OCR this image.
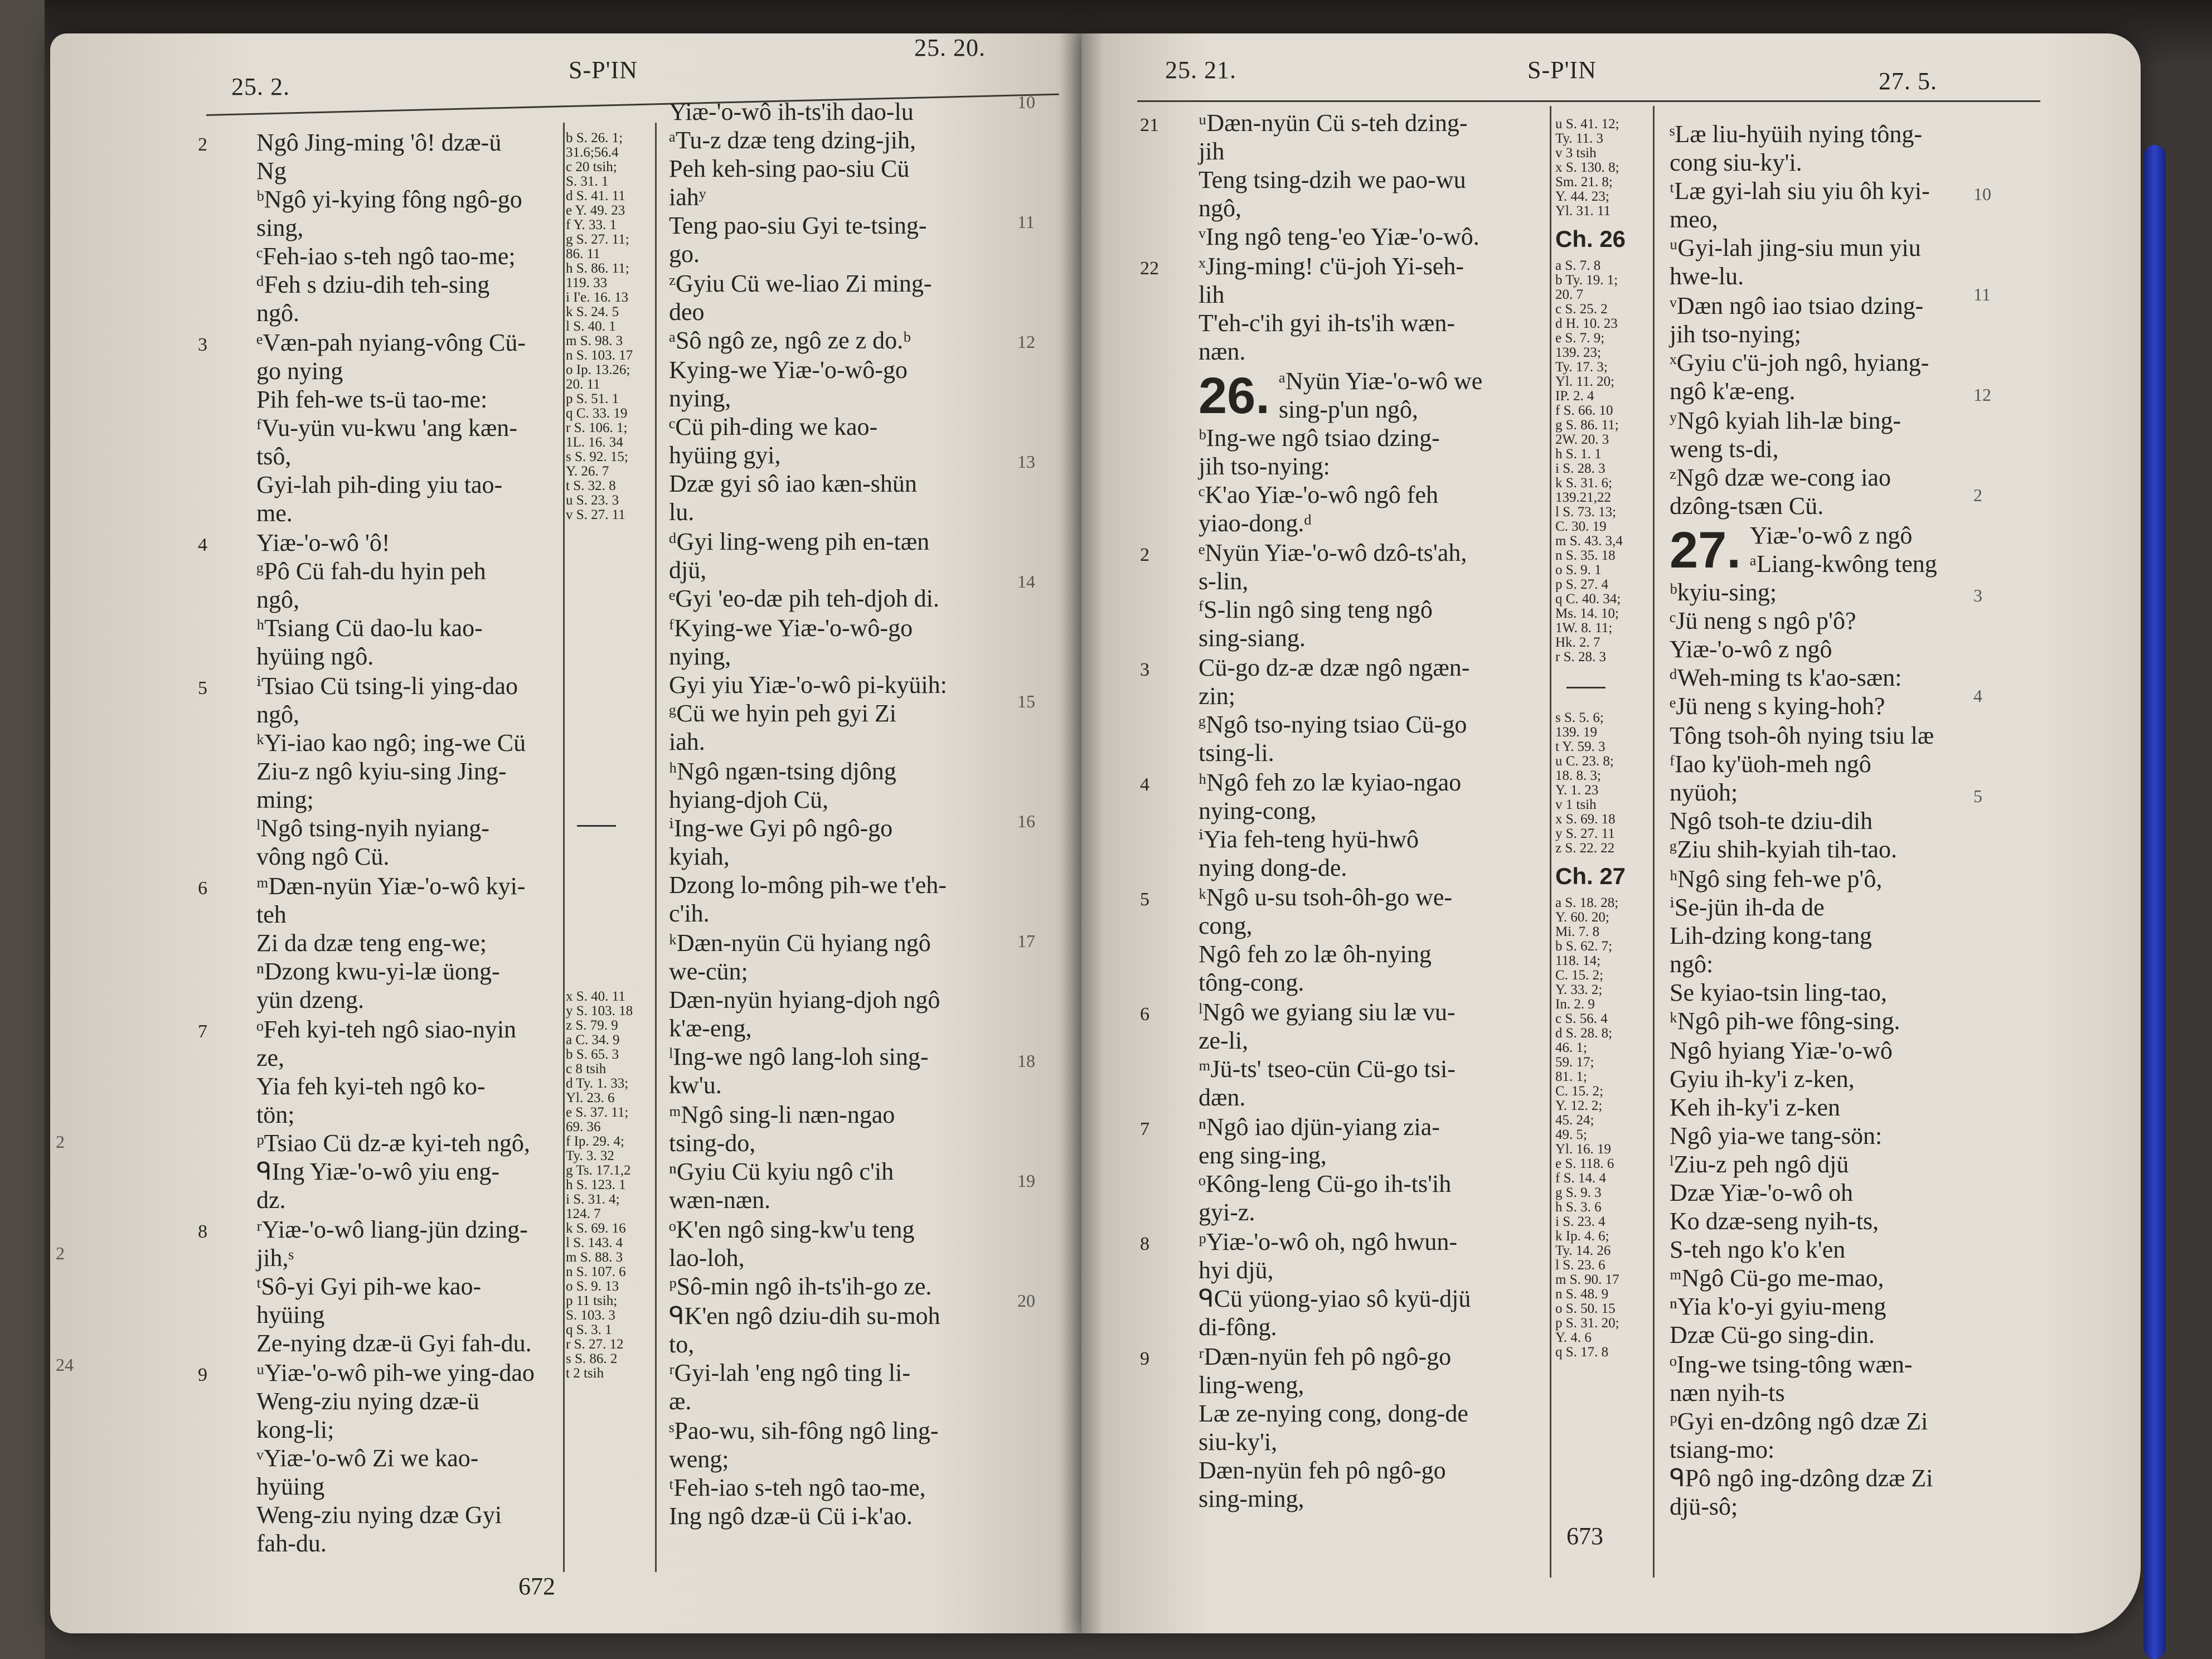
25. 2.
S-P'IN
25. 20.
2 Ngô Jing-ming 'ô! dzæ-ü
Ng
ᵇNgô yi-kying fông ngô-go
sing,
ᶜFeh-iao s-teh ngô tao-me;
ᵈFeh s dziu-dih teh-sing
ngô.
3 ᵉVæn-pah nyiang-vông Cü-
go nying
Pih feh-we ts-ü tao-me:
ᶠVu-yün vu-kwu 'ang kæn-
tsô,
Gyi-lah pih-ding yiu tao-
me.
4 Yiæ-'o-wô 'ô!
ᵍPô Cü fah-du hyin peh
ngô,
ʰTsiang Cü dao-lu kao-
hyüing ngô.
5 ⁱTsiao Cü tsing-li ying-dao
ngô,
ᵏYi-iao kao ngô; ing-we Cü
Ziu-z ngô kyiu-sing Jing-
ming;
ˡNgô tsing-nyih nyiang-
vông ngô Cü.
6 ᵐDæn-nyün Yiæ-'o-wô kyi-
teh
Zi da dzæ teng eng-we;
ⁿDzong kwu-yi-læ üong-
yün dzeng.
7 ᵒFeh kyi-teh ngô siao-nyin
ze,
Yia feh kyi-teh ngô ko-
tön;
ᵖTsiao Cü dz-æ kyi-teh ngô,
ᑫIng Yiæ-'o-wô yiu eng-
dz.
8 ʳYiæ-'o-wô liang-jün dzing-
jih,ˢ
ᵗSô-yi Gyi pih-we kao-
hyüing
Ze-nying dzæ-ü Gyi fah-du.
9 ᵘYiæ-'o-wô pih-we ying-dao
Weng-ziu nying dzæ-ü
kong-li;
ᵛYiæ-'o-wô Zi we kao-
hyüing
Weng-ziu nying dzæ Gyi
fah-du.
b S. 26. 1;
31.6;56.4
c 20 tsih;
S. 31. 1
d S. 41. 11
e Y. 49. 23
f Y. 33. 1
g S. 27. 11;
86. 11
h S. 86. 11;
119. 33
i I'e. 16. 13
k S. 24. 5
l S. 40. 1
m S. 98. 3
n S. 103. 17
o Ip. 13.26;
20. 11
p S. 51. 1
q C. 33. 19
r S. 106. 1;
1L. 16. 34
s S. 92. 15;
Y. 26. 7
t S. 32. 8
u S. 23. 3
v S. 27. 11
x S. 40. 11
y S. 103. 18
z S. 79. 9
a C. 34. 9
b S. 65. 3
c 8 tsih
d Ty. 1. 33;
Yl. 23. 6
e S. 37. 11;
69. 36
f Ip. 29. 4;
Ty. 3. 32
g Ts. 17.1,2
h S. 123. 1
i S. 31. 4;
124. 7
k S. 69. 16
l S. 143. 4
m S. 88. 3
n S. 107. 6
o S. 9. 13
p 11 tsih;
S. 103. 3
q S. 3. 1
r S. 27. 12
s S. 86. 2
t 2 tsih
Yiæ-'o-wô ih-ts'ih dao-lu
ᵃTu-z dzæ teng dzing-jih,
Peh keh-sing pao-siu Cü
iahʸ
Teng pao-siu Gyi te-tsing-
go.
ᶻGyiu Cü we-liao Zi ming-
deo
ᵃSô ngô ze, ngô ze z do.ᵇ
Kying-we Yiæ-'o-wô-go
nying,
ᶜCü pih-ding we kao-
hyüing gyi,
Dzæ gyi sô iao kæn-shün
lu.
ᵈGyi ling-weng pih en-tæn
djü,
ᵉGyi 'eo-dæ pih teh-djoh di.
ᶠKying-we Yiæ-'o-wô-go
nying,
Gyi yiu Yiæ-'o-wô pi-kyüih:
ᵍCü we hyin peh gyi Zi
iah.
ʰNgô ngæn-tsing djông
hyiang-djoh Cü,
ⁱIng-we Gyi pô ngô-go
kyiah,
Dzong lo-mông pih-we t'eh-
c'ih.
ᵏDæn-nyün Cü hyiang ngô
we-cün;
Dæn-nyün hyiang-djoh ngô
k'æ-eng,
ˡIng-we ngô lang-loh sing-
kw'u.
ᵐNgô sing-li næn-ngao
tsing-do,
ⁿGyiu Cü kyiu ngô c'ih
wæn-næn.
ᵒK'en ngô sing-kw'u teng
lao-loh,
ᵖSô-min ngô ih-ts'ih-go ze.
ᑫK'en ngô dziu-dih su-moh
to,
ʳGyi-lah 'eng ngô ting li-
æ.
ˢPao-wu, sih-fông ngô ling-
weng;
ᵗFeh-iao s-teh ngô tao-me,
Ing ngô dzæ-ü Cü i-k'ao.
672
10
11
12
13
14
15
16
17
18
19
20
2
2
24
25. 21.	S-P'IN	27. 5.
21 ᵘDæn-nyün Cü s-teh dzing-
jih
Teng tsing-dzih we pao-wu
ngô,
ᵛIng ngô teng-'eo Yiæ-'o-wô.
22 ˣJing-ming! c'ü-joh Yi-seh-
lih
T'eh-c'ih gyi ih-ts'ih wæn-
næn.
26. ᵃNyün Yiæ-'o-wô we
sing-p'un ngô,
ᵇIng-we ngô tsiao dzing-
jih tso-nying:
ᶜK'ao Yiæ-'o-wô ngô feh
yiao-dong.ᵈ
2 ᵉNyün Yiæ-'o-wô dzô-ts'ah,
s-lin,
ᶠS-lin ngô sing teng ngô
sing-siang.
3 Cü-go dz-æ dzæ ngô ngæn-
zin;
ᵍNgô tso-nying tsiao Cü-go
tsing-li.
4 ʰNgô feh zo læ kyiao-ngao
nying-cong,
ⁱYia feh-teng hyü-hwô
nying dong-de.
5 ᵏNgô u-su tsoh-ôh-go we-
cong,
Ngô feh zo læ ôh-nying
tông-cong.
6 ˡNgô we gyiang siu læ vu-
ze-li,
ᵐJü-ts' tseo-cün Cü-go tsi-
dæn.
7 ⁿNgô iao djün-yiang zia-
eng sing-ing,
ᵒKông-leng Cü-go ih-ts'ih
gyi-z.
8 ᵖYiæ-'o-wô oh, ngô hwun-
hyi djü,
ᑫCü yüong-yiao sô kyü-djü
di-fông.
9 ʳDæn-nyün feh pô ngô-go
ling-weng,
Læ ze-nying cong, dong-de
siu-ky'i,
Dæn-nyün feh pô ngô-go
sing-ming,
u S. 41. 12;
Ty. 11. 3
v 3 tsih
x S. 130. 8;
Sm. 21. 8;
Y. 44. 23;
Yl. 31. 11
Ch. 26
a S. 7. 8
b Ty. 19. 1;
20. 7
c S. 25. 2
d H. 10. 23
e S. 7. 9;
139. 23;
Ty. 17. 3;
Yl. 11. 20;
IP. 2. 4
f S. 66. 10
g S. 86. 11;
2W. 20. 3
h S. 1. 1
i S. 28. 3
k S. 31. 6;
139.21,22
l S. 73. 13;
C. 30. 19
m S. 43. 3,4
n S. 35. 18
o S. 9. 1
p S. 27. 4
q C. 40. 34;
Ms. 14. 10;
1W. 8. 11;
Hk. 2. 7
r S. 28. 3
s S. 5. 6;
139. 19
t Y. 59. 3
u C. 23. 8;
18. 8. 3;
Y. 1. 23
v 1 tsih
x S. 69. 18
y S. 27. 11
z S. 22. 22
Ch. 27
a S. 18. 28;
Y. 60. 20;
Mi. 7. 8
b S. 62. 7;
118. 14;
C. 15. 2;
Y. 33. 2;
In. 2. 9
c S. 56. 4
d S. 28. 8;
46. 1;
59. 17;
81. 1;
C. 15. 2;
Y. 12. 2;
45. 24;
49. 5;
Yl. 16. 19
e S. 118. 6
f S. 14. 4
g S. 9. 3
h S. 3. 6
i S. 23. 4
k Ip. 4. 6;
Ty. 14. 26
l S. 23. 6
m S. 90. 17
n S. 48. 9
o S. 50. 15
p S. 31. 20;
Y. 4. 6
q S. 17. 8
ˢLæ liu-hyüih nying tông-
cong siu-ky'i.
ᵗLæ gyi-lah siu yiu ôh kyi-
meo,
ᵘGyi-lah jing-siu mun yiu
hwe-lu.
ᵛDæn ngô iao tsiao dzing-
jih tso-nying;
ˣGyiu c'ü-joh ngô, hyiang-
ngô k'æ-eng.
ʸNgô kyiah lih-læ bing-
weng ts-di,
ᶻNgô dzæ we-cong iao
dzông-tsæn Cü.
27. Yiæ-'o-wô z ngô
ᵃLiang-kwông teng
ᵇkyiu-sing;
ᶜJü neng s ngô p'ô?
Yiæ-'o-wô z ngô
ᵈWeh-ming ts k'ao-sæn:
ᵉJü neng s kying-hoh?
Tông tsoh-ôh nying tsiu læ
ᶠIao ky'üoh-meh ngô
nyüoh;
Ngô tsoh-te dziu-dih
ᵍZiu shih-kyiah tih-tao.
ʰNgô sing feh-we p'ô,
ⁱSe-jün ih-da de
Lih-dzing kong-tang
ngô:
Se kyiao-tsin ling-tao,
ᵏNgô pih-we fông-sing.
Ngô hyiang Yiæ-'o-wô
Gyiu ih-ky'i z-ken,
Keh ih-ky'i z-ken
Ngô yia-we tang-sön:
ˡZiu-z peh ngô djü
Dzæ Yiæ-'o-wô oh
Ko dzæ-seng nyih-ts,
S-teh ngo k'o k'en
ᵐNgô Cü-go me-mao,
ⁿYia k'o-yi gyiu-meng
Dzæ Cü-go sing-din.
ᵒIng-we tsing-tông wæn-
næn nyih-ts
ᵖGyi en-dzông ngô dzæ Zi
tsiang-mo:
ᑫPô ngô ing-dzông dzæ Zi
djü-sô;
673
10
11
12
2
3
4
5
